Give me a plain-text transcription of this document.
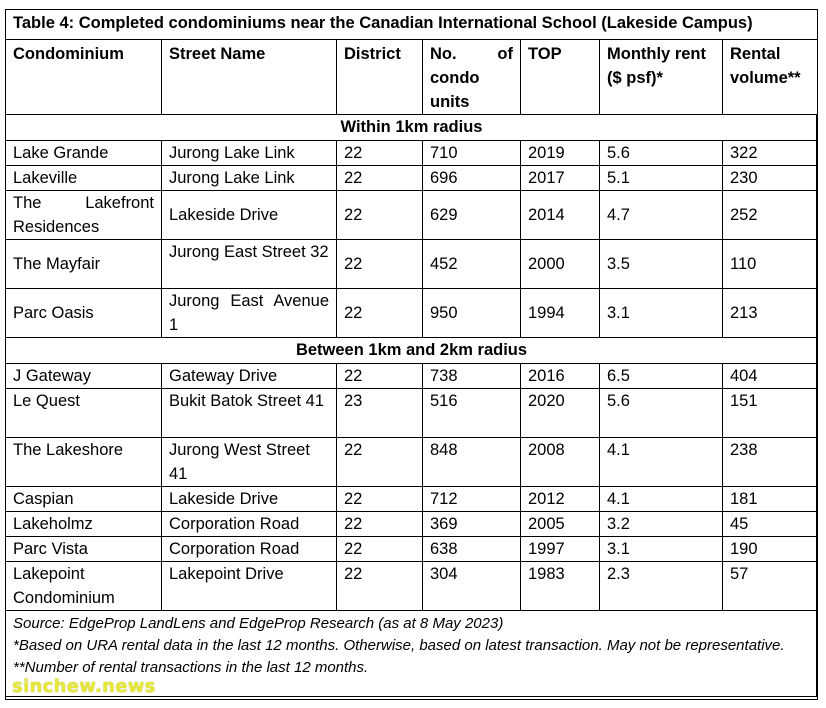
Table 4: Completed condominiums near the Canadian International School (Lakeside Campus)						
Condominium	Street Name	District	No. of condo units	TOP	Monthly rent ($ psf)*	Rental volume**
Within 1km radius						
Lake Grande	Jurong Lake Link	22	710	2019	5.6	322
Lakeville	Jurong Lake Link	22	696	2017	5.1	230
The Lakefront Residences	Lakeside Drive	22	629	2014	4.7	252
The Mayfair	Jurong East Street 32	22	452	2000	3.5	110
Parc Oasis	Jurong East Avenue 1	22	950	1994	3.1	213
Between 1km and 2km radius						
J Gateway	Gateway Drive	22	738	2016	6.5	404
Le Quest	Bukit Batok Street 41	23	516	2020	5.6	151
The Lakeshore	Jurong West Street 41	22	848	2008	4.1	238
Caspian	Lakeside Drive	22	712	2012	4.1	181
Lakeholmz	Corporation Road	22	369	2005	3.2	45
Parc Vista	Corporation Road	22	638	1997	3.1	190
Lakepoint Condominium	Lakepoint Drive	22	304	1983	2.3	57

Source: EdgeProp LandLens and EdgeProp Research (as at 8 May 2023)
*Based on URA rental data in the last 12 months. Otherwise, based on latest transaction. May not be representative.
**Number of rental transactions in the last 12 months.						
sinchew.news
